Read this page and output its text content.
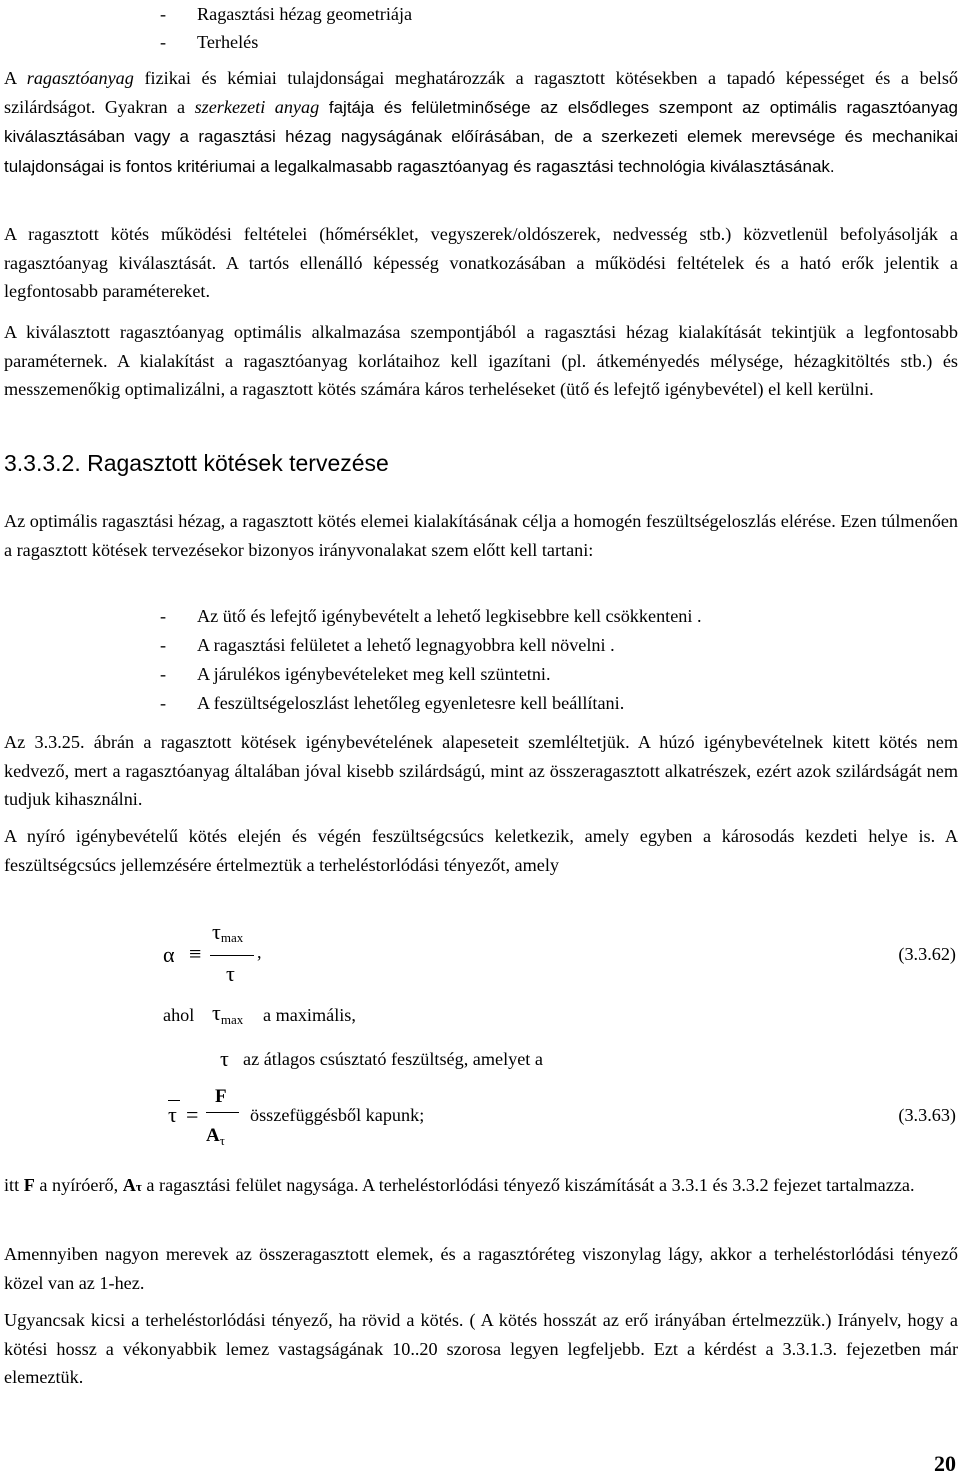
- Ragasztási hézag geometriája
- Terhelés

A ragasztóanyag fizikai és kémiai tulajdonságai meghatározzák a ragasztott kötésekben a tapadó képességet és a belső szilárdságot. Gyakran a szerkezeti anyag fajtája és felületminősége az elsődleges szempont az optimális ragasztóanyag kiválasztásában vagy a ragasztási hézag nagyságának előírásában, de a szerkezeti elemek merevsége és mechanikai tulajdonságai is fontos kritériumai a legalkalmasabb ragasztóanyag és ragasztási technológia kiválasztásának.

A ragasztott kötés működési feltételei (hőmérséklet, vegyszerek/oldószerek, nedvesség stb.) közvetlenül befolyásolják a ragasztóanyag kiválasztását. A tartós ellenálló képesség vonatkozásában a működési feltételek és a ható erők jelentik a legfontosabb paramétereket.

A kiválasztott ragasztóanyag optimális alkalmazása szempontjából a ragasztási hézag kialakítását tekintjük a legfontosabb paraméternek. A kialakítást a ragasztóanyag korlátaihoz kell igazítani (pl. átkeményedés mélysége, hézagkitöltés stb.) és messzemenőkig optimalizálni, a ragasztott kötés számára káros terheléseket (ütő és lefejtő igénybevétel) el kell kerülni.

3.3.3.2. Ragasztott kötések tervezése

Az optimális ragasztási hézag, a ragasztott kötés elemei kialakításának célja a homogén feszültségeloszlás elérése. Ezen túlmenően a ragasztott kötések tervezésekor bizonyos irányvonalakat szem előtt kell tartani:

- Az ütő és lefejtő igénybevételt a lehető legkisebbre kell csökkenteni .
- A ragasztási felületet a lehető legnagyobbra kell növelni .
- A járulékos igénybevételeket meg kell szüntetni.
- A feszültségeloszlást lehetőleg egyenletesre kell beállítani.

Az 3.3.25. ábrán a ragasztott kötések igénybevételének alapeseteit szemléltetjük. A húzó igénybevételnek kitett kötés nem kedvező, mert a ragasztóanyag általában jóval kisebb szilárdságú, mint az összeragasztott alkatrészek, ezért azok szilárdságát nem tudjuk kihasználni.

A nyíró igénybevételű kötés elején és végén feszültségcsúcs keletkezik, amely egyben a károsodás kezdeti helye is. A feszültségcsúcs jellemzésére értelmeztük a terheléstorlódási tényezőt, amely

α ≡
$\tau_{max}$
τ
,	(3.3.62)
ahol $\tau_{max}$ a maximális,
τ az átlagos csúsztató feszültség, amelyet a
τ =
F
$A_\tau$
összefüggésből kapunk;	(3.3.63)

itt F a nyíróerő, Aτ a ragasztási felület nagysága. A terheléstorlódási tényező kiszámítását a 3.3.1 és 3.3.2 fejezet tartalmazza.

Amennyiben nagyon merevek az összeragasztott elemek, és a ragasztóréteg viszonylag lágy, akkor a terheléstorlódási tényező közel van az 1-hez.

Ugyancsak kicsi a terheléstorlódási tényező, ha rövid a kötés. ( A kötés hosszát az erő irányában értelmezzük.) Irányelv, hogy a kötési hossz a vékonyabbik lemez vastagságának 10..20 szorosa legyen legfeljebb. Ezt a kérdést a 3.3.1.3. fejezetben már elemeztük.

20
